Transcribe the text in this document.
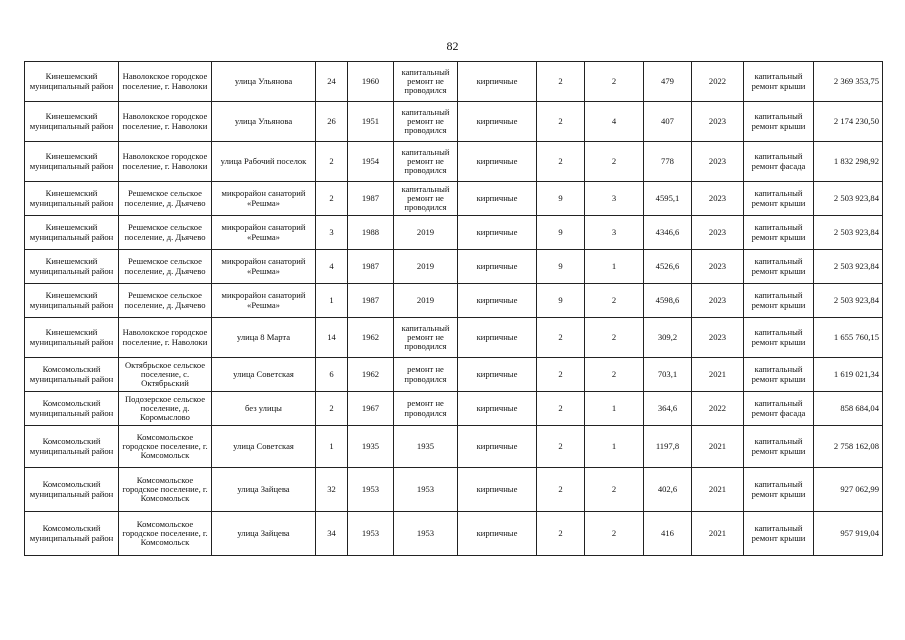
82
Кинешемский муниципальный район	Наволокское городское поселение, г. Наволоки	улица Ульянова	24	1960	капитальный ремонт не проводился	кирпичные	2	2	479	2022	капитальный ремонт крыши	2 369 353,75
Кинешемский муниципальный район	Наволокское городское поселение, г. Наволоки	улица Ульянова	26	1951	капитальный ремонт не проводился	кирпичные	2	4	407	2023	капитальный ремонт крыши	2 174 230,50
Кинешемский муниципальный район	Наволокское городское поселение, г. Наволоки	улица Рабочий поселок	2	1954	капитальный ремонт не проводился	кирпичные	2	2	778	2023	капитальный ремонт фасада	1 832 298,92
Кинешемский муниципальный район	Решемское сельское поселение, д. Дьячево	микрорайон санаторий «Решма»	2	1987	капитальный ремонт не проводился	кирпичные	9	3	4595,1	2023	капитальный ремонт крыши	2 503 923,84
Кинешемский муниципальный район	Решемское сельское поселение, д. Дьячево	микрорайон санаторий «Решма»	3	1988	2019	кирпичные	9	3	4346,6	2023	капитальный ремонт крыши	2 503 923,84
Кинешемский муниципальный район	Решемское сельское поселение, д. Дьячево	микрорайон санаторий «Решма»	4	1987	2019	кирпичные	9	1	4526,6	2023	капитальный ремонт крыши	2 503 923,84
Кинешемский муниципальный район	Решемское сельское поселение, д. Дьячево	микрорайон санаторий «Решма»	1	1987	2019	кирпичные	9	2	4598,6	2023	капитальный ремонт крыши	2 503 923,84
Кинешемский муниципальный район	Наволокское городское поселение, г. Наволоки	улица 8 Марта	14	1962	капитальный ремонт не проводился	кирпичные	2	2	309,2	2023	капитальный ремонт крыши	1 655 760,15
Комсомольский муниципальный район	Октябрьское сельское поселение, с. Октябрьский	улица Советская	6	1962	ремонт не проводился	кирпичные	2	2	703,1	2021	капитальный ремонт крыши	1 619 021,34
Комсомольский муниципальный район	Подозерское сельское поселение, д. Коромыслово	без улицы	2	1967	ремонт не проводился	кирпичные	2	1	364,6	2022	капитальный ремонт фасада	858 684,04
Комсомольский муниципальный район	Комсомольское городское поселение, г. Комсомольск	улица Советская	1	1935	1935	кирпичные	2	1	1197,8	2021	капитальный ремонт крыши	2 758 162,08
Комсомольский муниципальный район	Комсомольское городское поселение, г. Комсомольск	улица Зайцева	32	1953	1953	кирпичные	2	2	402,6	2021	капитальный ремонт крыши	927 062,99
Комсомольский муниципальный район	Комсомольское городское поселение, г. Комсомольск	улица Зайцева	34	1953	1953	кирпичные	2	2	416	2021	капитальный ремонт крыши	957 919,04
